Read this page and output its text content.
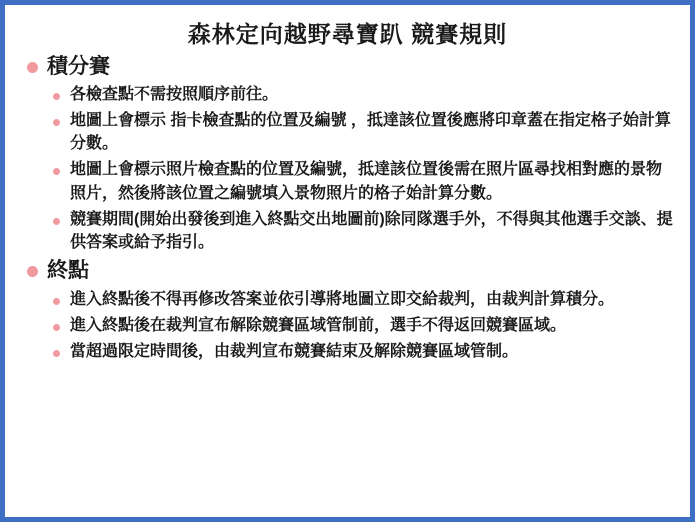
森林定向越野尋寶趴 競賽規則
積分賽
各檢查點不需按照順序前往。
地圖上會標示 指卡檢查點的位置及編號 ，抵達該位置後應將印章蓋在指定格子始計算分數。
地圖上會標示照片檢查點的位置及編號，抵達該位置後需在照片區尋找相對應的景物照片，然後將該位置之編號填入景物照片的格子始計算分數。
競賽期間(開始出發後到進入終點交出地圖前)除同隊選手外，不得與其他選手交談、提供答案或給予指引。
終點
進入終點後不得再修改答案並依引導將地圖立即交給裁判，由裁判計算積分。
進入終點後在裁判宣布解除競賽區域管制前，選手不得返回競賽區域。
當超過限定時間後，由裁判宣布競賽結束及解除競賽區域管制。
